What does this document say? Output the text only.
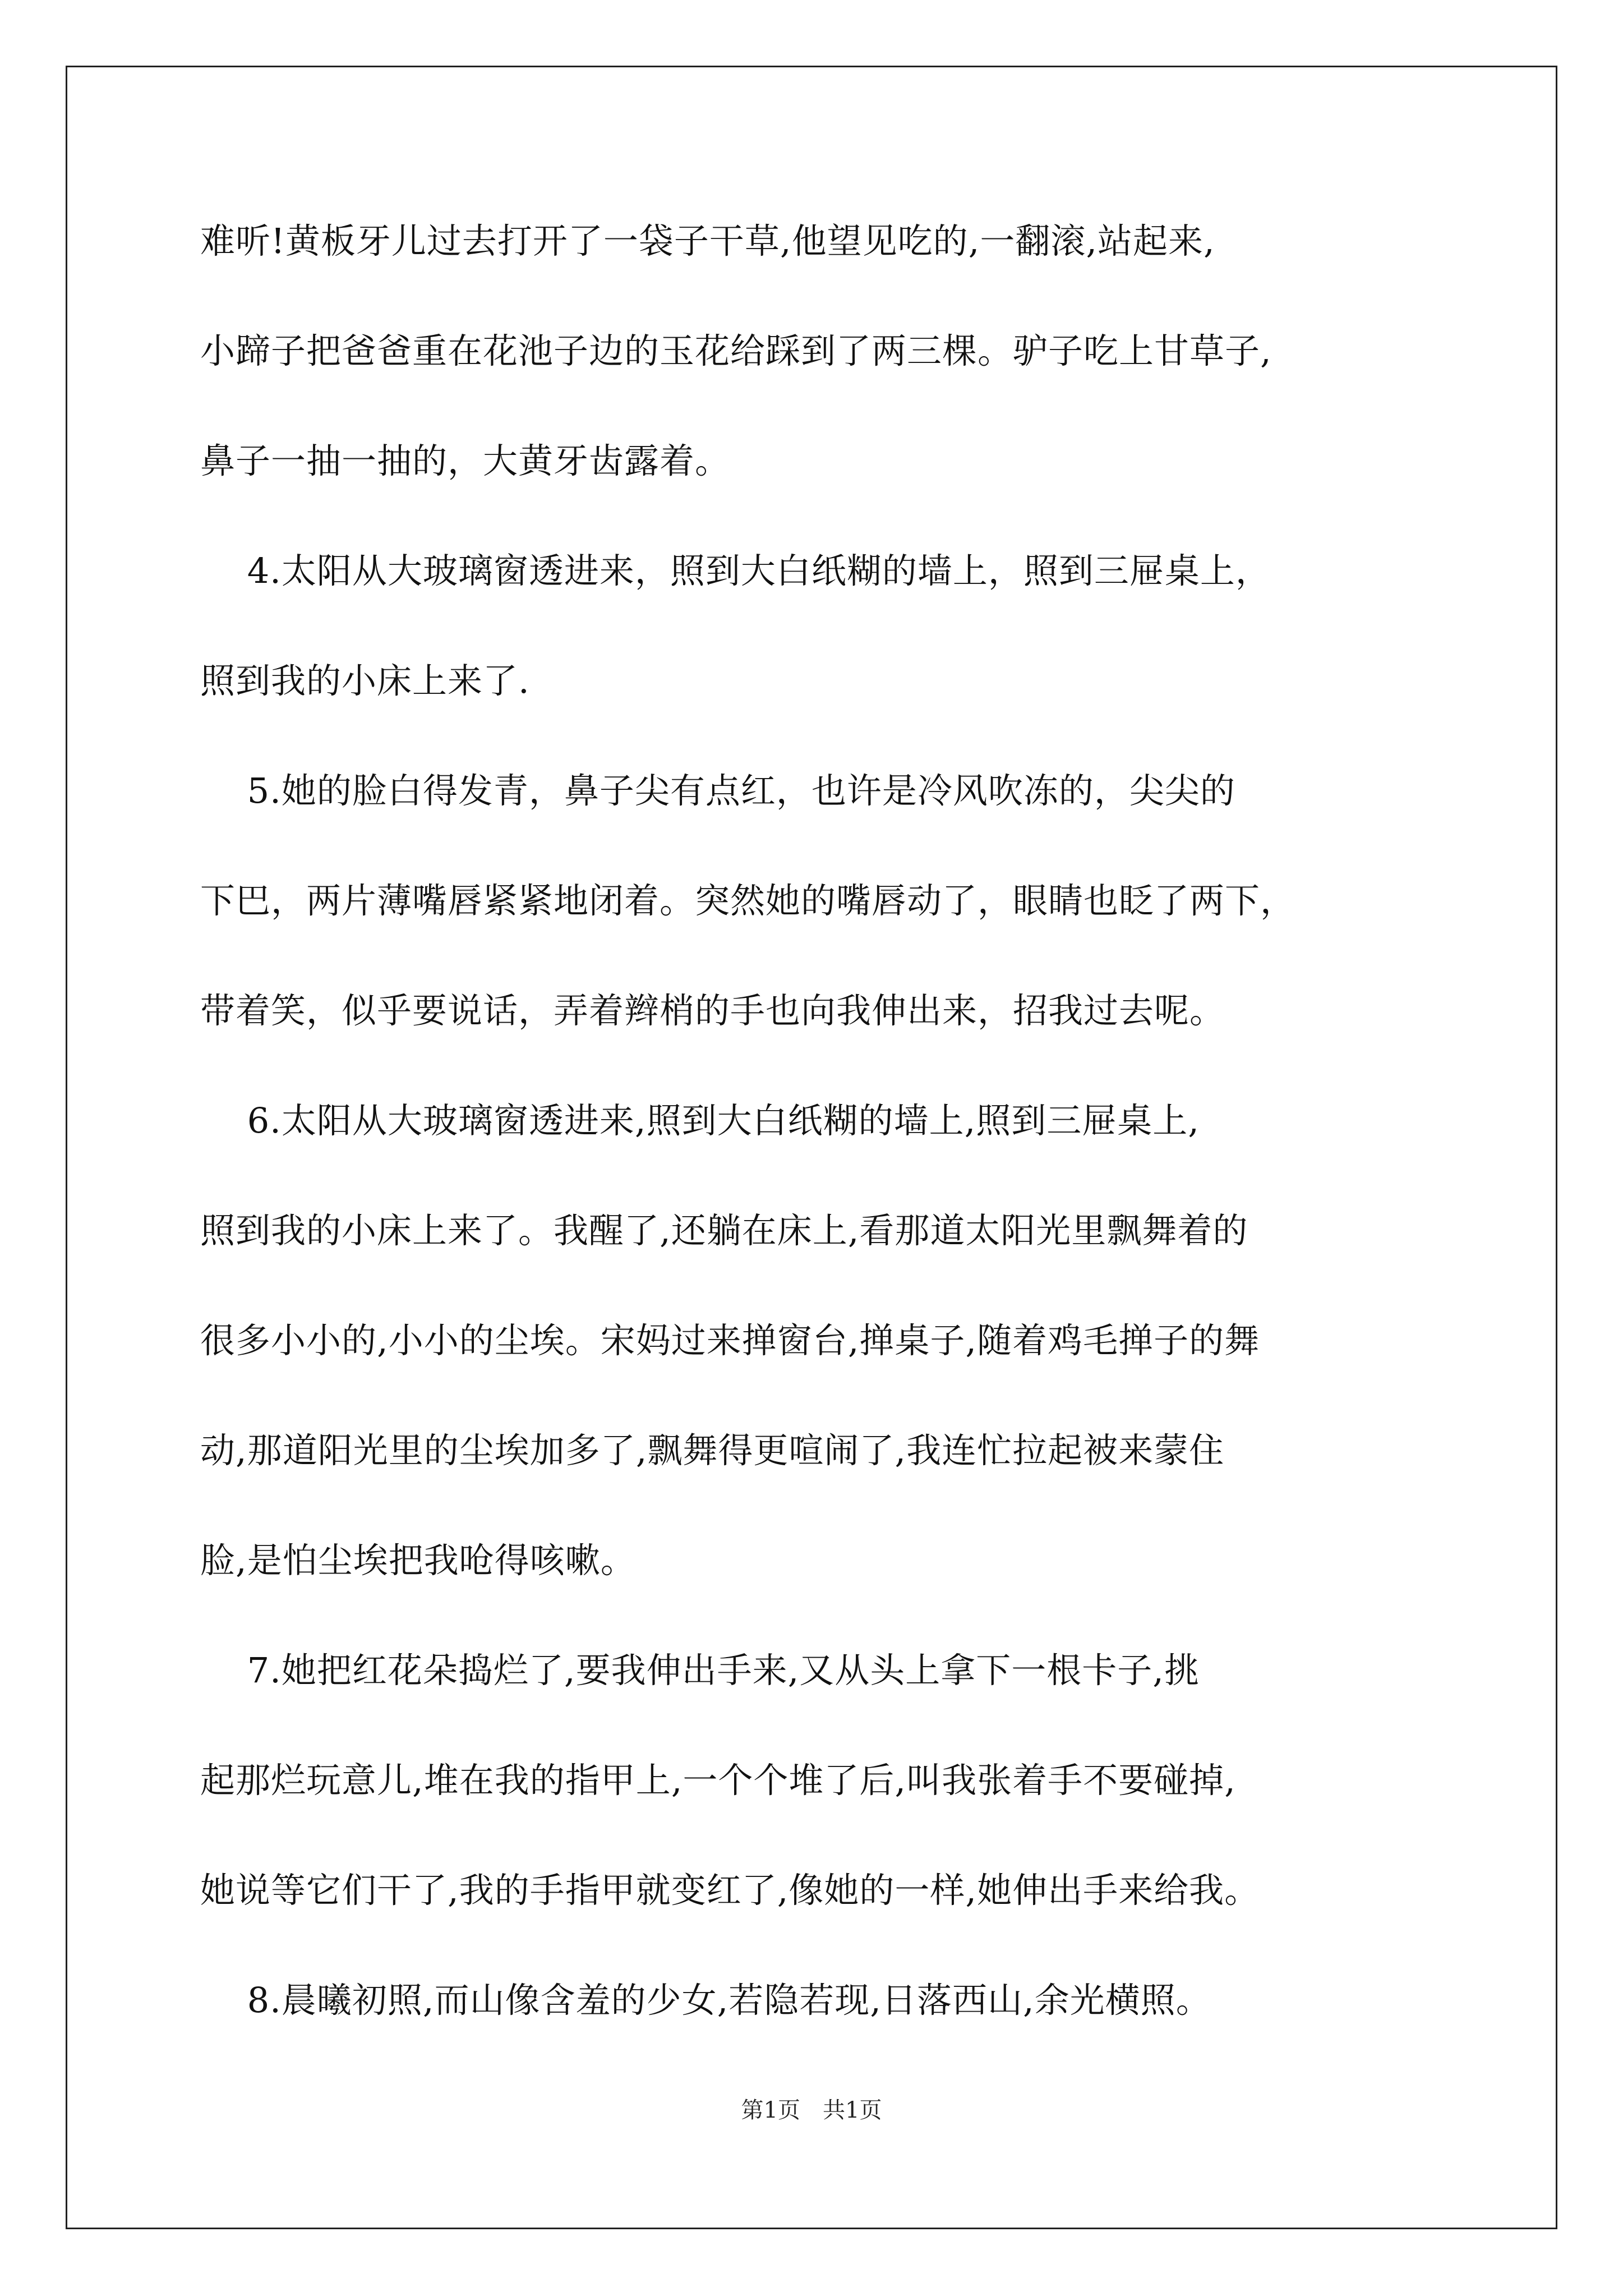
难听!黄板牙儿过去打开了一袋子干草,他望见吃的,一翻滚,站起来,
小蹄子把爸爸重在花池子边的玉花给踩到了两三棵。驴子吃上甘草子,
鼻子一抽一抽的，大黄牙齿露着。
　 4.太阳从大玻璃窗透进来，照到大白纸糊的墙上，照到三屉桌上，
照到我的小床上来了.
　 5.她的脸白得发青，鼻子尖有点红，也许是冷风吹冻的，尖尖的
下巴，两片薄嘴唇紧紧地闭着。突然她的嘴唇动了，眼睛也眨了两下，
带着笑，似乎要说话，弄着辫梢的手也向我伸出来，招我过去呢。
　 6.太阳从大玻璃窗透进来,照到大白纸糊的墙上,照到三屉桌上,
照到我的小床上来了。我醒了,还躺在床上,看那道太阳光里飘舞着的
很多小小的,小小的尘埃。宋妈过来掸窗台,掸桌子,随着鸡毛掸子的舞
动,那道阳光里的尘埃加多了,飘舞得更喧闹了,我连忙拉起被来蒙住
脸,是怕尘埃把我呛得咳嗽。
　 7.她把红花朵捣烂了,要我伸出手来,又从头上拿下一根卡子,挑
起那烂玩意儿,堆在我的指甲上,一个个堆了后,叫我张着手不要碰掉,
她说等它们干了,我的手指甲就变红了,像她的一样,她伸出手来给我。
　 8.晨曦初照,而山像含羞的少女,若隐若现,日落西山,余光横照。
第1页　共1页
